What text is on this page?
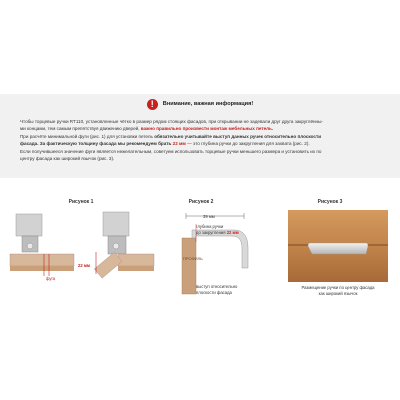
!	Внимание, важная информация!

Чтобы торцевые ручки RT110, установленные чётко в размер рядом стоящих фасадов, при открывании не задевали друг друга закруглённы-

ми концами, тем самым препятствуя движению дверей, важно правильно произвести монтаж мебельных петель.

При расчёте минимальной фуги (рис. 1) для установки петель обязательно учитывайте выступ данных ручек относительно плоскости

фасада. За фактическую толщину фасада мы рекомендуем брать 22 мм — это глубина ручки до закругления для захвата (рис. 2).

Если получившееся значение фуги является нежелательным, советуем использовать торцевые ручки меньшего размера и установить их по

центру фасада как широкий язычок (рис. 3).

Рисунок 1	Рисунок 2	Рисунок 3
22 мм
фуга
39 мм
глубина ручки
до закругления 22 мм
ПРОФИЛЬ
выступ относительно
плоскости фасада
Размещение ручки по центру фасада
как широкий язычок
